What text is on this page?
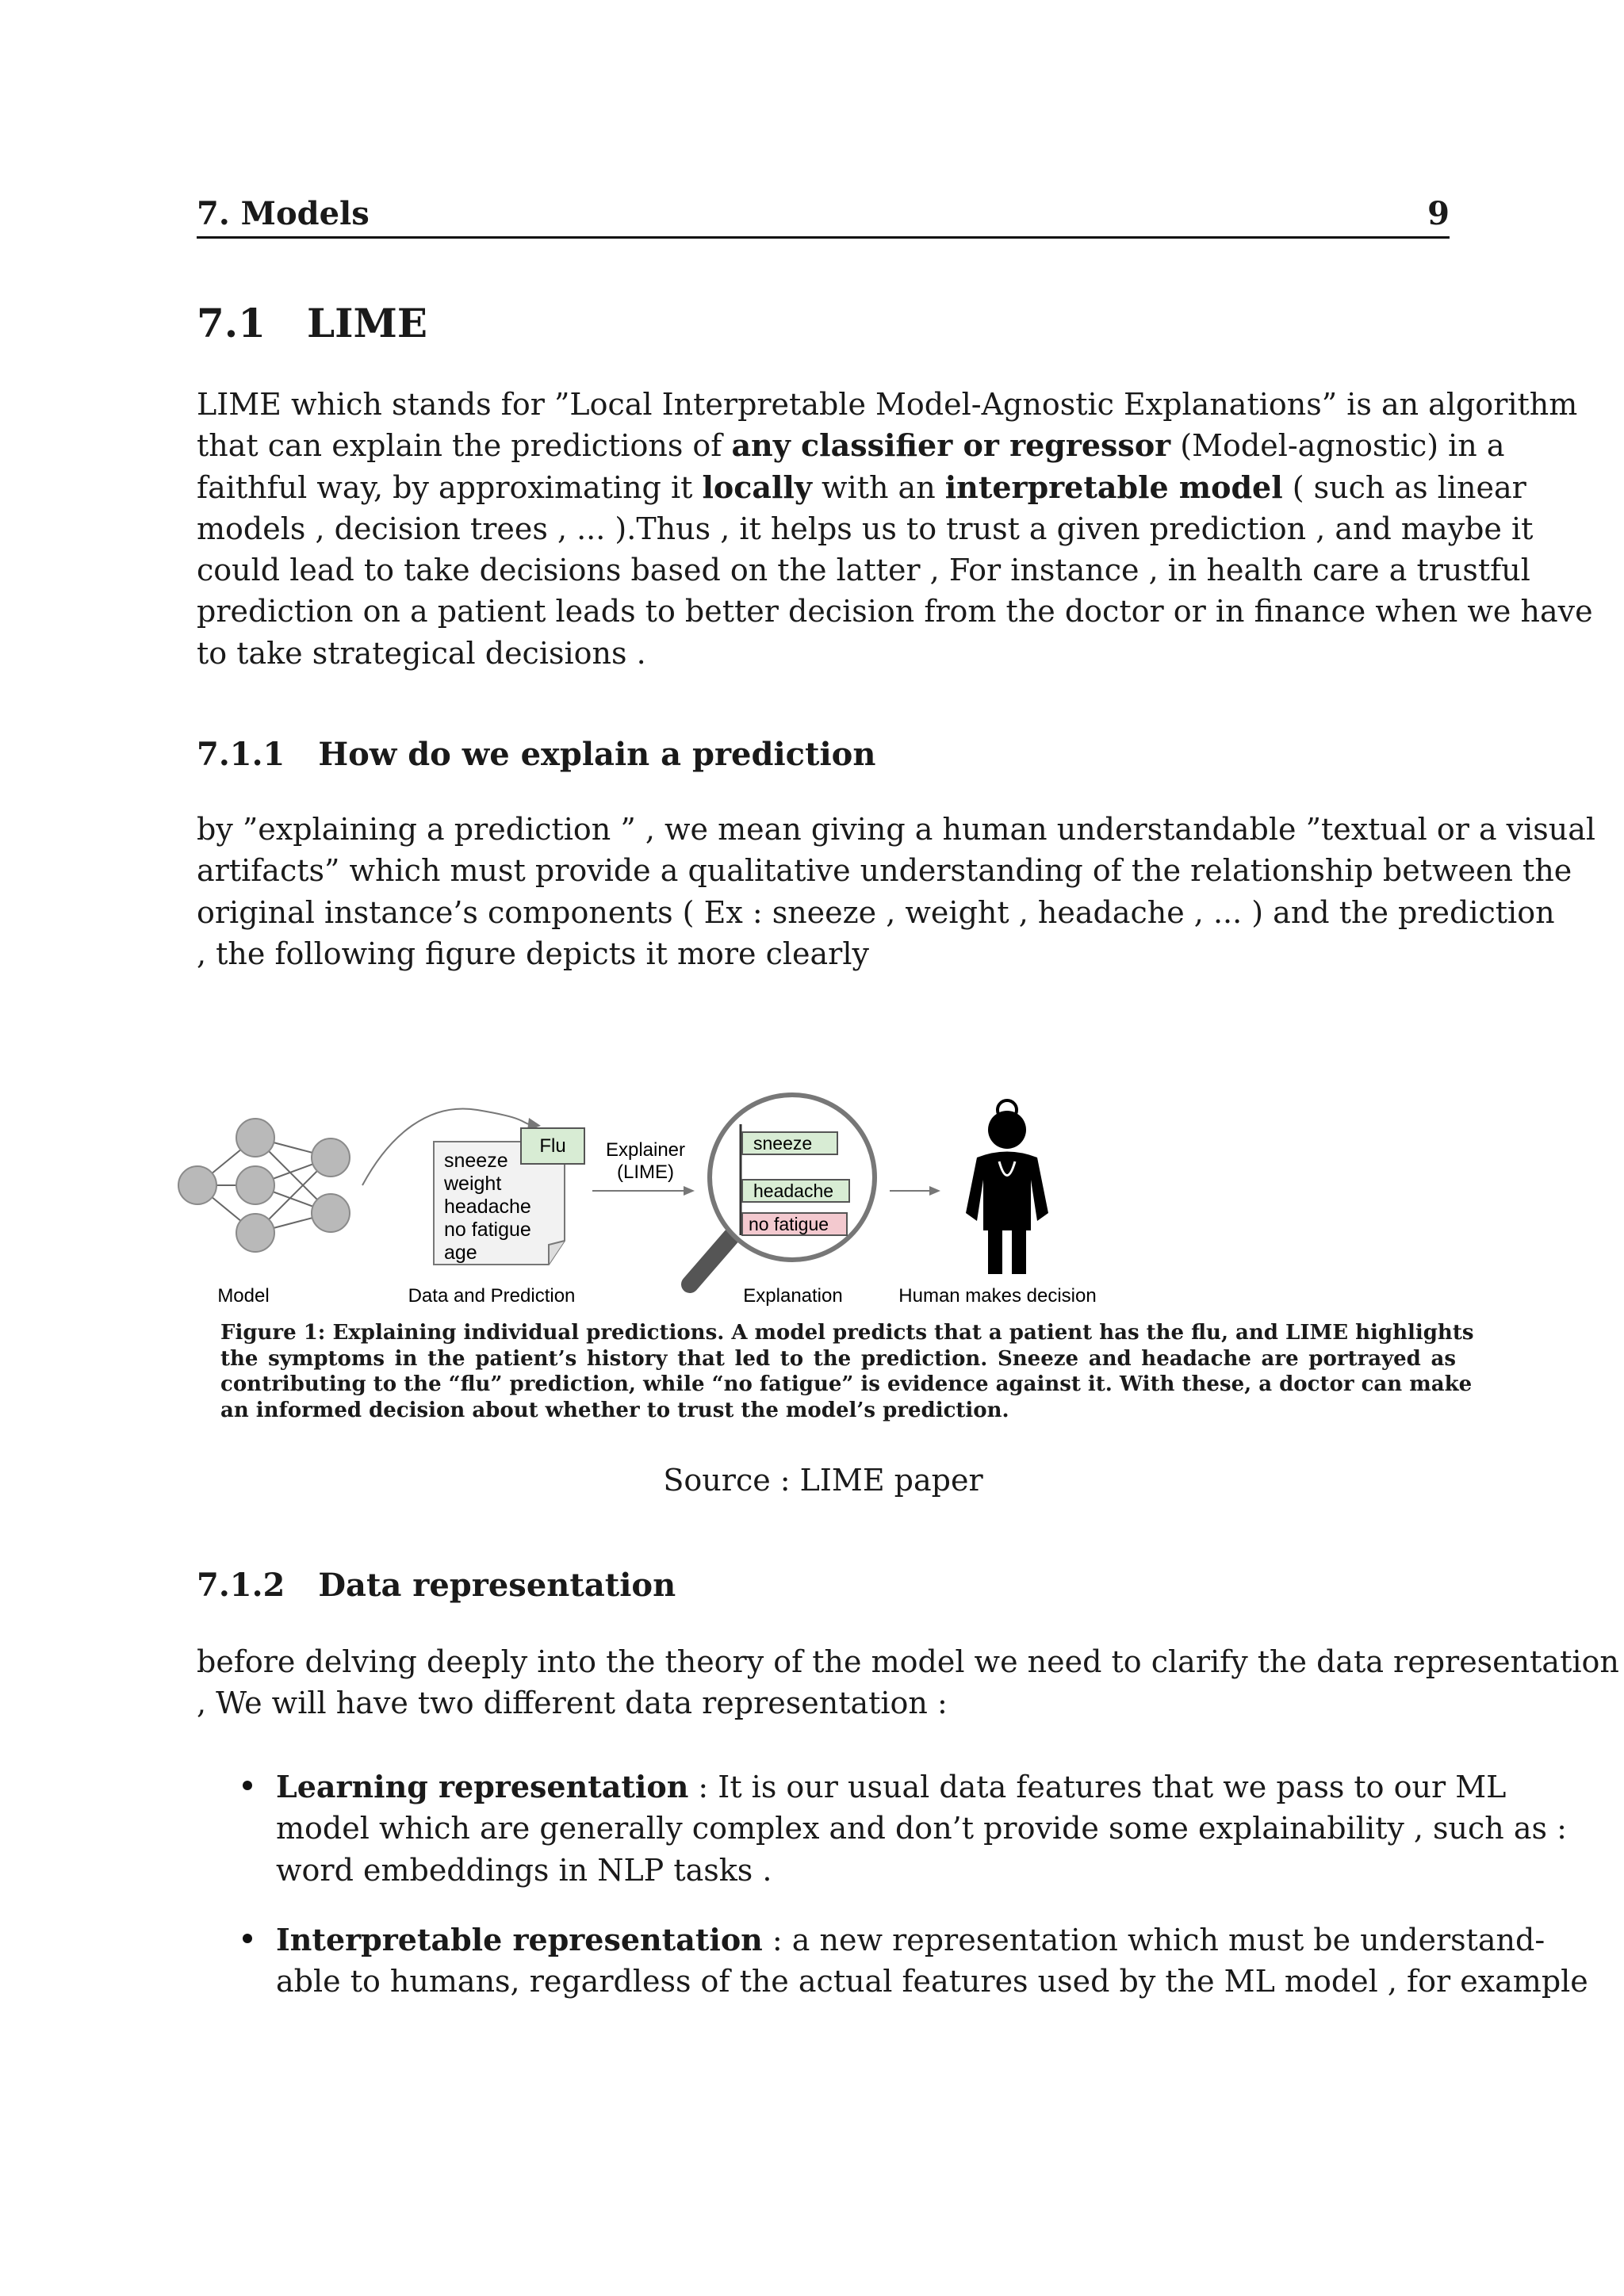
7. Models	9
7.1 LIME
LIME which stands for ”Local Interpretable Model-Agnostic Explanations” is an algorithm
that can explain the predictions of any classifier or regressor (Model-agnostic) in a
faithful way, by approximating it locally with an interpretable model ( such as linear
models , decision trees , ... ).Thus , it helps us to trust a given prediction , and maybe it
could lead to take decisions based on the latter , For instance , in health care a trustful
prediction on a patient leads to better decision from the doctor or in finance when we have
to take strategical decisions .
7.1.1 How do we explain a prediction
by ”explaining a prediction ” , we mean giving a human understandable ”textual or a visual
artifacts” which must provide a qualitative understanding of the relationship between the
original instance’s components ( Ex : sneeze , weight , headache , ... ) and the prediction
, the following figure depicts it more clearly
Source : LIME paper
7.1.2 Data representation
before delving deeply into the theory of the model we need to clarify the data representation
, We will have two different data representation :
Learning representation : It is our usual data features that we pass to our ML
model which are generally complex and don’t provide some explainability , such as :
word embeddings in NLP tasks .
Interpretable representation : a new representation which must be understand-
able to humans, regardless of the actual features used by the ML model , for example
Flu
sneeze
weight
headache
no fatigue
age
Explainer
(LIME)
sneeze
headache
no fatigue
Model	Data and Prediction	Explanation	Human makes decision
Figure 1: Explaining individual predictions. A model predicts that a patient has the flu, and LIME highlights
the symptoms in the patient’s history that led to the prediction. Sneeze and headache are portrayed as
contributing to the “flu” prediction, while “no fatigue” is evidence against it. With these, a doctor can make
an informed decision about whether to trust the model’s prediction.
